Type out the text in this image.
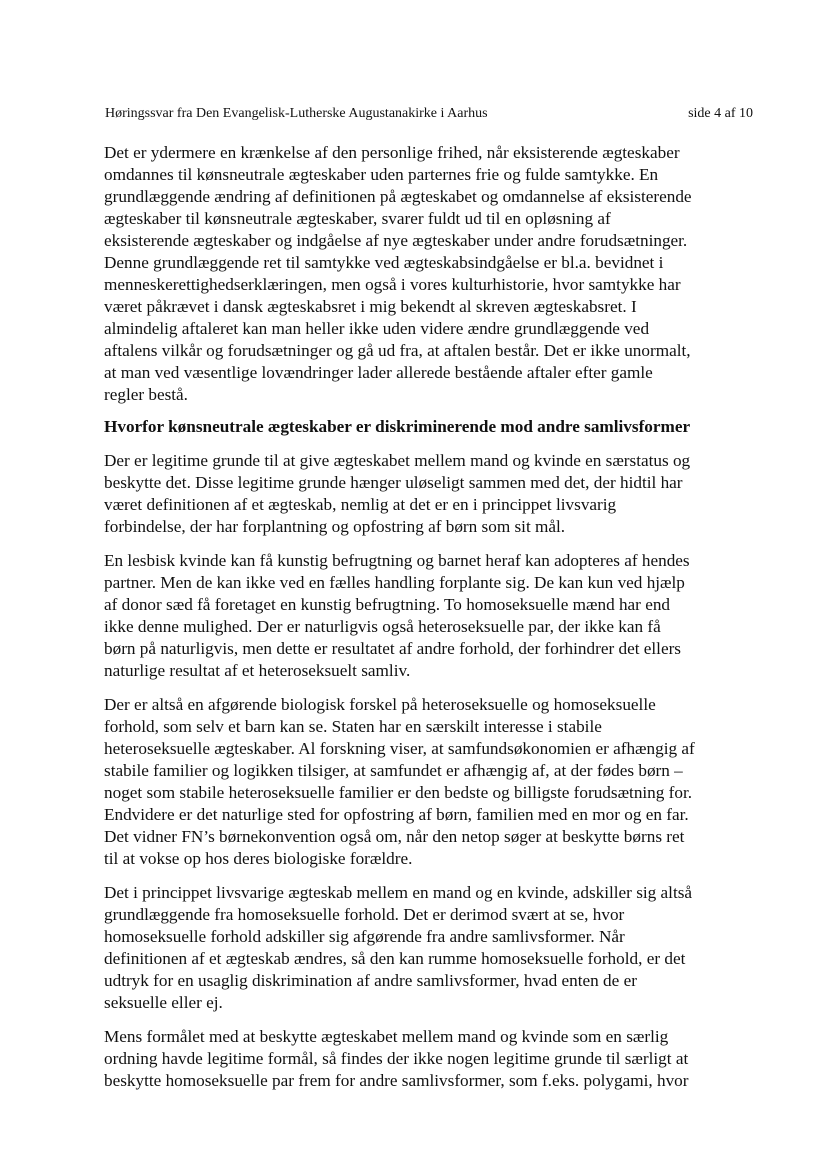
Høringssvar fra Den Evangelisk-Lutherske Augustanakirke i Aarhus	side 4 af 10

Det er ydermere en krænkelse af den personlige frihed, når eksisterende ægteskaber
omdannes til kønsneutrale ægteskaber uden parternes frie og fulde samtykke. En
grundlæggende ændring af definitionen på ægteskabet og omdannelse af eksisterende
ægteskaber til kønsneutrale ægteskaber, svarer fuldt ud til en opløsning af
eksisterende ægteskaber og indgåelse af nye ægteskaber under andre forudsætninger.
Denne grundlæggende ret til samtykke ved ægteskabsindgåelse er bl.a. bevidnet i
menneskerettighedserklæringen, men også i vores kulturhistorie, hvor samtykke har
været påkrævet i dansk ægteskabsret i mig bekendt al skreven ægteskabsret. I
almindelig aftaleret kan man heller ikke uden videre ændre grundlæggende ved
aftalens vilkår og forudsætninger og gå ud fra, at aftalen består. Det er ikke unormalt,
at man ved væsentlige lovændringer lader allerede bestående aftaler efter gamle
regler bestå.

Hvorfor kønsneutrale ægteskaber er diskriminerende mod andre samlivsformer

Der er legitime grunde til at give ægteskabet mellem mand og kvinde en særstatus og
beskytte det. Disse legitime grunde hænger uløseligt sammen med det, der hidtil har
været definitionen af et ægteskab, nemlig at det er en i princippet livsvarig
forbindelse, der har forplantning og opfostring af børn som sit mål.

En lesbisk kvinde kan få kunstig befrugtning og barnet heraf kan adopteres af hendes
partner. Men de kan ikke ved en fælles handling forplante sig. De kan kun ved hjælp
af donor sæd få foretaget en kunstig befrugtning. To homoseksuelle mænd har end
ikke denne mulighed. Der er naturligvis også heteroseksuelle par, der ikke kan få
børn på naturligvis, men dette er resultatet af andre forhold, der forhindrer det ellers
naturlige resultat af et heteroseksuelt samliv.

Der er altså en afgørende biologisk forskel på heteroseksuelle og homoseksuelle
forhold, som selv et barn kan se. Staten har en særskilt interesse i stabile
heteroseksuelle ægteskaber. Al forskning viser, at samfundsøkonomien er afhængig af
stabile familier og logikken tilsiger, at samfundet er afhængig af, at der fødes børn –
noget som stabile heteroseksuelle familier er den bedste og billigste forudsætning for.
Endvidere er det naturlige sted for opfostring af børn, familien med en mor og en far.
Det vidner FN’s børnekonvention også om, når den netop søger at beskytte børns ret
til at vokse op hos deres biologiske forældre.

Det i princippet livsvarige ægteskab mellem en mand og en kvinde, adskiller sig altså
grundlæggende fra homoseksuelle forhold. Det er derimod svært at se, hvor
homoseksuelle forhold adskiller sig afgørende fra andre samlivsformer. Når
definitionen af et ægteskab ændres, så den kan rumme homoseksuelle forhold, er det
udtryk for en usaglig diskrimination af andre samlivsformer, hvad enten de er
seksuelle eller ej.

Mens formålet med at beskytte ægteskabet mellem mand og kvinde som en særlig
ordning havde legitime formål, så findes der ikke nogen legitime grunde til særligt at
beskytte homoseksuelle par frem for andre samlivsformer, som f.eks. polygami, hvor
